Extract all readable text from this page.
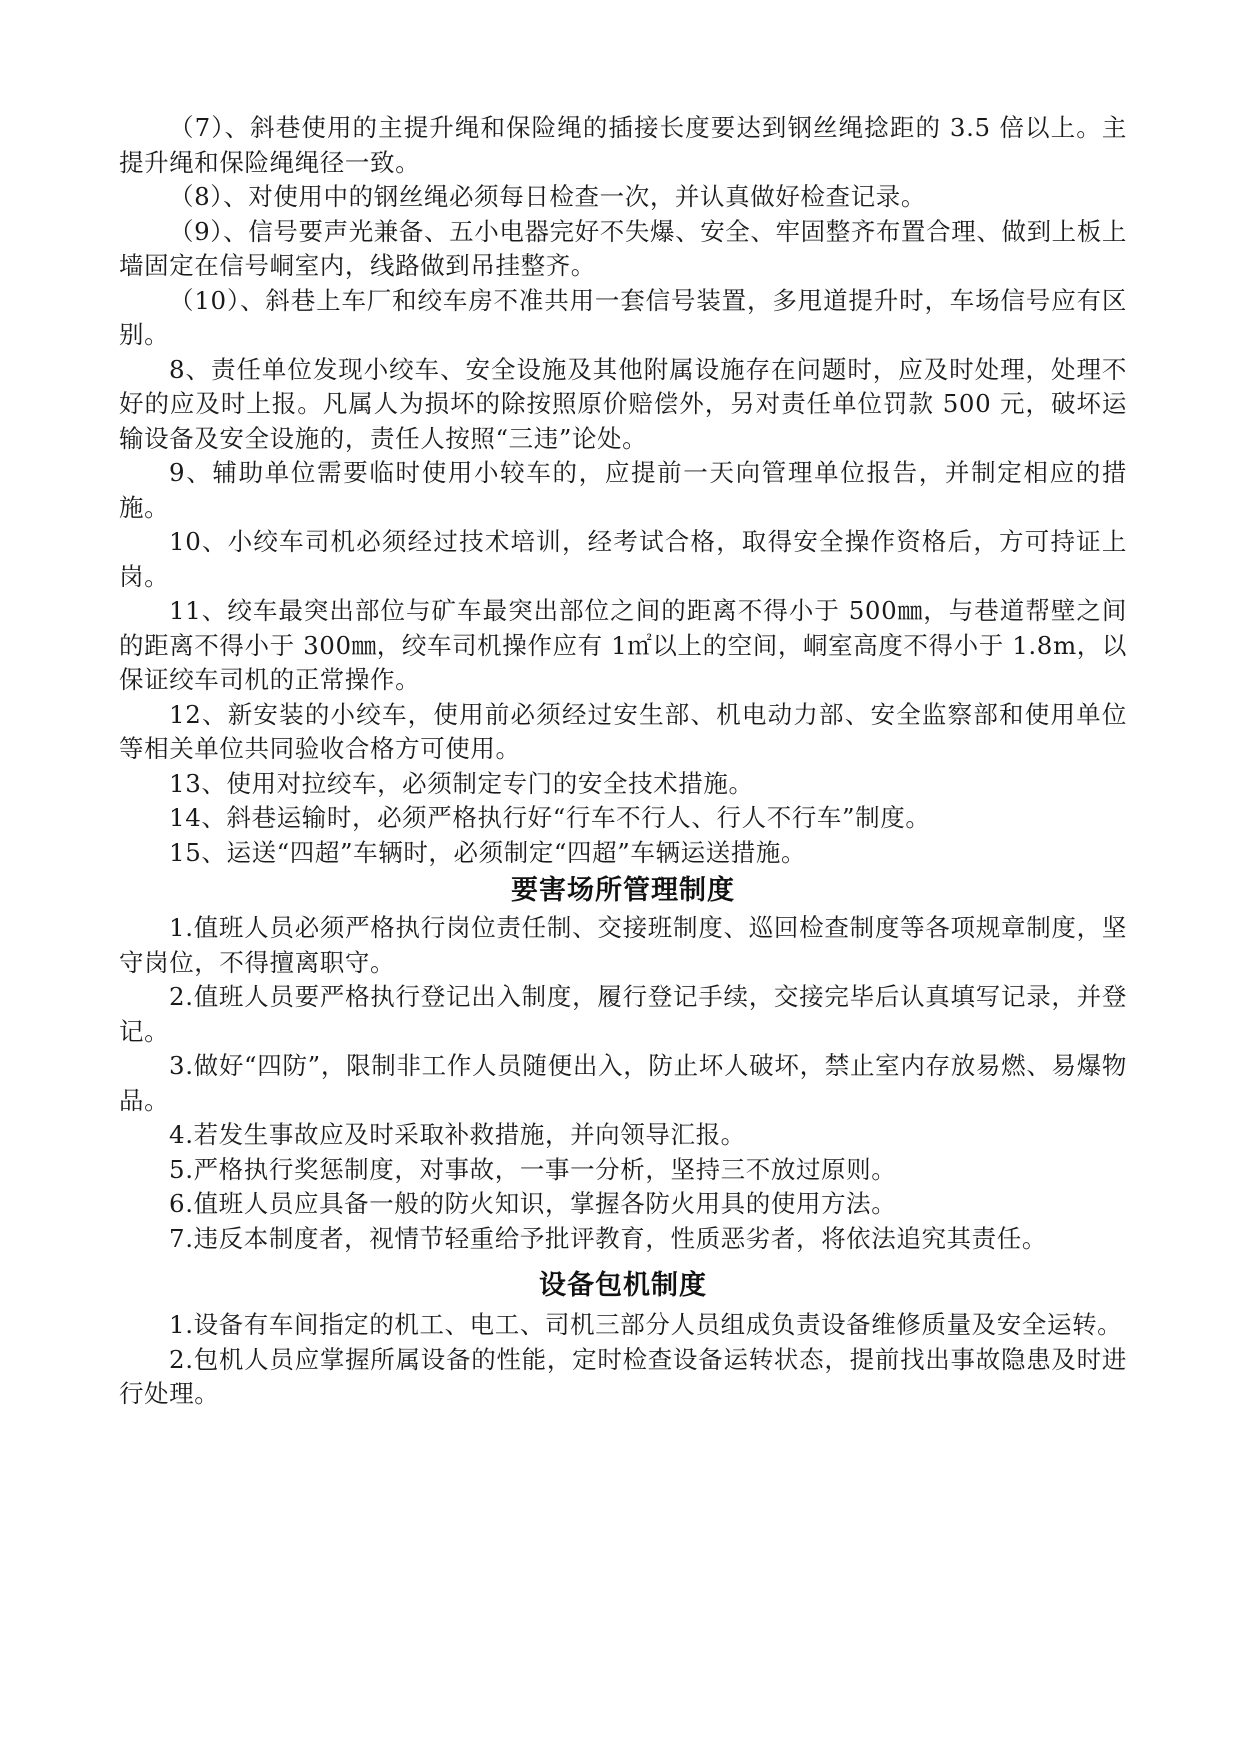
（7）、斜巷使用的主提升绳和保险绳的插接长度要达到钢丝绳捻距的 3.5 倍以上。主提升绳和保险绳绳径一致。

（8）、对使用中的钢丝绳必须每日检查一次，并认真做好检查记录。

（9）、信号要声光兼备、五小电器完好不失爆、安全、牢固整齐布置合理、做到上板上墙固定在信号峒室内，线路做到吊挂整齐。

（10）、斜巷上车厂和绞车房不准共用一套信号装置，多甩道提升时，车场信号应有区别。

8、责任单位发现小绞车、安全设施及其他附属设施存在问题时，应及时处理，处理不好的应及时上报。凡属人为损坏的除按照原价赔偿外，另对责任单位罚款 500 元，破坏运输设备及安全设施的，责任人按照“三违”论处。

9、辅助单位需要临时使用小较车的，应提前一天向管理单位报告，并制定相应的措施。

10、小绞车司机必须经过技术培训，经考试合格，取得安全操作资格后，方可持证上岗。

11、绞车最突出部位与矿车最突出部位之间的距离不得小于 500㎜，与巷道帮壁之间的距离不得小于 300㎜，绞车司机操作应有 1㎡以上的空间，峒室高度不得小于 1.8m，以保证绞车司机的正常操作。

12、新安装的小绞车，使用前必须经过安生部、机电动力部、安全监察部和使用单位等相关单位共同验收合格方可使用。

13、使用对拉绞车，必须制定专门的安全技术措施。

14、斜巷运输时，必须严格执行好“行车不行人、行人不行车”制度。

15、运送“四超”车辆时，必须制定“四超”车辆运送措施。

要害场所管理制度

1.值班人员必须严格执行岗位责任制、交接班制度、巡回检查制度等各项规章制度，坚守岗位，不得擅离职守。

2.值班人员要严格执行登记出入制度，履行登记手续，交接完毕后认真填写记录，并登记。

3.做好“四防”，限制非工作人员随便出入，防止坏人破坏，禁止室内存放易燃、易爆物品。

4.若发生事故应及时采取补救措施，并向领导汇报。

5.严格执行奖惩制度，对事故，一事一分析，坚持三不放过原则。

6.值班人员应具备一般的防火知识，掌握各防火用具的使用方法。

7.违反本制度者，视情节轻重给予批评教育，性质恶劣者，将依法追究其责任。

设备包机制度

1.设备有车间指定的机工、电工、司机三部分人员组成负责设备维修质量及安全运转。

2.包机人员应掌握所属设备的性能，定时检查设备运转状态，提前找出事故隐患及时进行处理。
